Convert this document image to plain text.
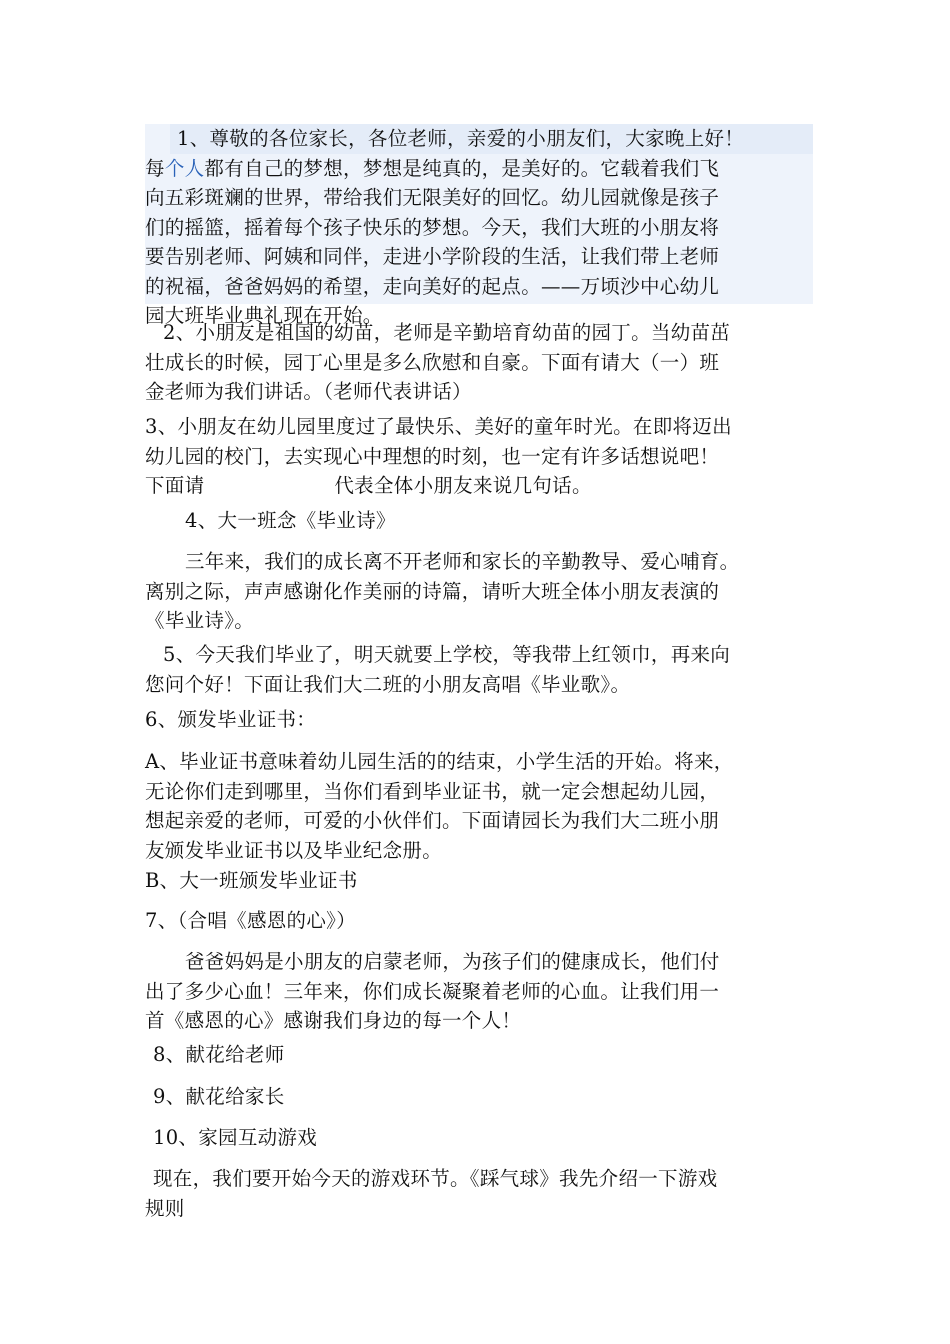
1、尊敬的各位家长，各位老师，亲爱的小朋友们，大家晚上好！
每个人都有自己的梦想，梦想是纯真的，是美好的。它载着我们飞
向五彩斑斓的世界，带给我们无限美好的回忆。幼儿园就像是孩子
们的摇篮，摇着每个孩子快乐的梦想。今天，我们大班的小朋友将
要告别老师、阿姨和同伴，走进小学阶段的生活，让我们带上老师
的祝福，爸爸妈妈的希望，走向美好的起点。——万顷沙中心幼儿
园大班毕业典礼现在开始。
2、小朋友是祖国的幼苗，老师是辛勤培育幼苗的园丁。当幼苗茁
壮成长的时候，园丁心里是多么欣慰和自豪。下面有请大（一）班
金老师为我们讲话。（老师代表讲话）
3、小朋友在幼儿园里度过了最快乐、美好的童年时光。在即将迈出
幼儿园的校门，去实现心中理想的时刻，也一定有许多话想说吧！
下面请                    代表全体小朋友来说几句话。
4、大一班念《毕业诗》
三年来，我们的成长离不开老师和家长的辛勤教导、爱心哺育。
离别之际，声声感谢化作美丽的诗篇，请听大班全体小朋友表演的
《毕业诗》。
5、今天我们毕业了，明天就要上学校，等我带上红领巾，再来向
您问个好！下面让我们大二班的小朋友高唱《毕业歌》。
6、颁发毕业证书：
A、毕业证书意味着幼儿园生活的的结束，小学生活的开始。将来，
无论你们走到哪里，当你们看到毕业证书，就一定会想起幼儿园，
想起亲爱的老师，可爱的小伙伴们。下面请园长为我们大二班小朋
友颁发毕业证书以及毕业纪念册。
B、大一班颁发毕业证书
7、（合唱《感恩的心》）
爸爸妈妈是小朋友的启蒙老师，为孩子们的健康成长，他们付
出了多少心血！三年来，你们成长凝聚着老师的心血。让我们用一
首《感恩的心》感谢我们身边的每一个人！
8、献花给老师
9、献花给家长
10、家园互动游戏
现在，我们要开始今天的游戏环节。《踩气球》我先介绍一下游戏
规则
